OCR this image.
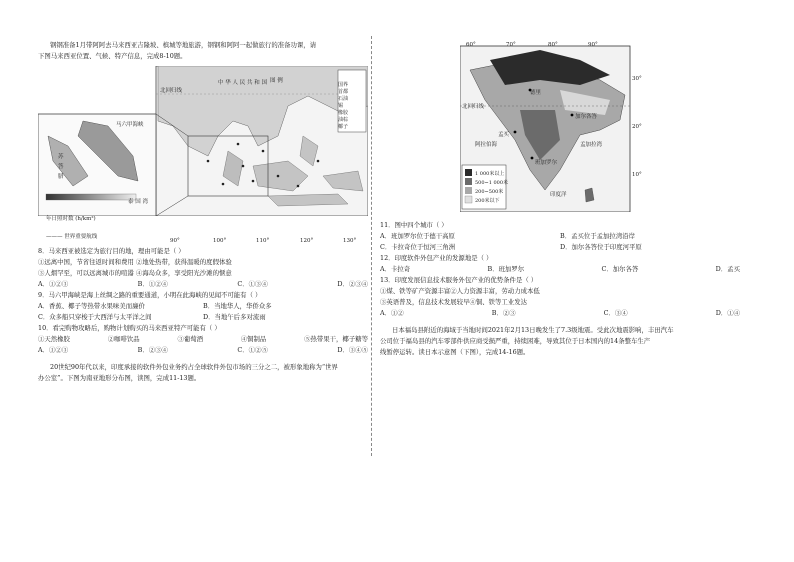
钢钢准备1月带阿阿去马来西亚吉隆坡、槟城等地旅游，钢钢和阿阿一起做旅行的准备功课，请

下图马来西亚位置、气候、特产信息，完成8-10题。

图 例
国界
首都
石油
锡
橡胶
油棕
椰子
中 华 人 民 共 和 国
北回归线
马六甲海峡
苏
答
腊
泰 国 湾
年日照时数 (h/km²)
——— 世界重要航线
90°	100°	110°	120°	130°

8．马来西亚被选定为旅行目的地，理由可能是（ ）

①远离中国，节省往返时间和费用 ②地处热带，获得温暖的度假体验

③人烟罕至，可以远离城市的喧嚣 ④海岛众多，享受阳光沙滩的惬意

A．①②③	B．①②④	C．①③④	D．②③④

9．马六甲海峡是海上丝绸之路的重要通道，小明在此海峡的见闻不可能有（ ）

A．香蕉、椰子等热带水果味美而廉价	B．当地华人，华侨众多
C．众多船只穿梭于大西洋与太平洋之间	D．当地午后多对流雨

10．看完购物攻略后，购物计划购买的马来西亚特产可能有（ ）

①天然橡胶	②咖啡饮品	③葡萄酒	④铜制品	⑤热带果干，椰子糖等
A．①②③	B．②③④	C．①②⑤	D．③④⑤

20世纪90年代以来，印度承接的软件外包业务约占全球软件外包市场的三分之二，被形象地称为“世界

办公室”。下图为南亚地形分布图，读图，完成11-13题。

60°	70°	80°	90°
30°
20°
10°
北回归线
阿拉伯海	孟加拉湾
印度洋
德里
加尔各答
孟买
班加罗尔
1 000米以上
500~1 000米
200~500米
200米以下

11．图中四个城市（ ）

A．班加罗尔位于德干高原	B．孟买位于孟加拉湾沿岸
C．卡拉奇位于恒河三角洲	D．加尔各答位于印度河平原

12．印度软件外包产业的发源地是（ ）

A．卡拉奇	B．班加罗尔	C．加尔各答	D．孟买

13．印度发展信息技术服务外包产业的优势条件是（ ）

①煤、铁等矿产资源丰富②人力资源丰富，劳动力成本低

③英语普及，信息技术发展较早④铜、铁等工业发达

A．①②	B．②③	C．③④	D．①④

日本福岛县附近的海域于当地时间2021年2月13日晚发生了7.3级地震。受此次地震影响，丰田汽车

公司位于福岛县的汽车零部件供应商受损严重，持续困难，导致其位于日本国内的14条整车生产

线暂停运转。读日本示意图（下图），完成14-16题。
